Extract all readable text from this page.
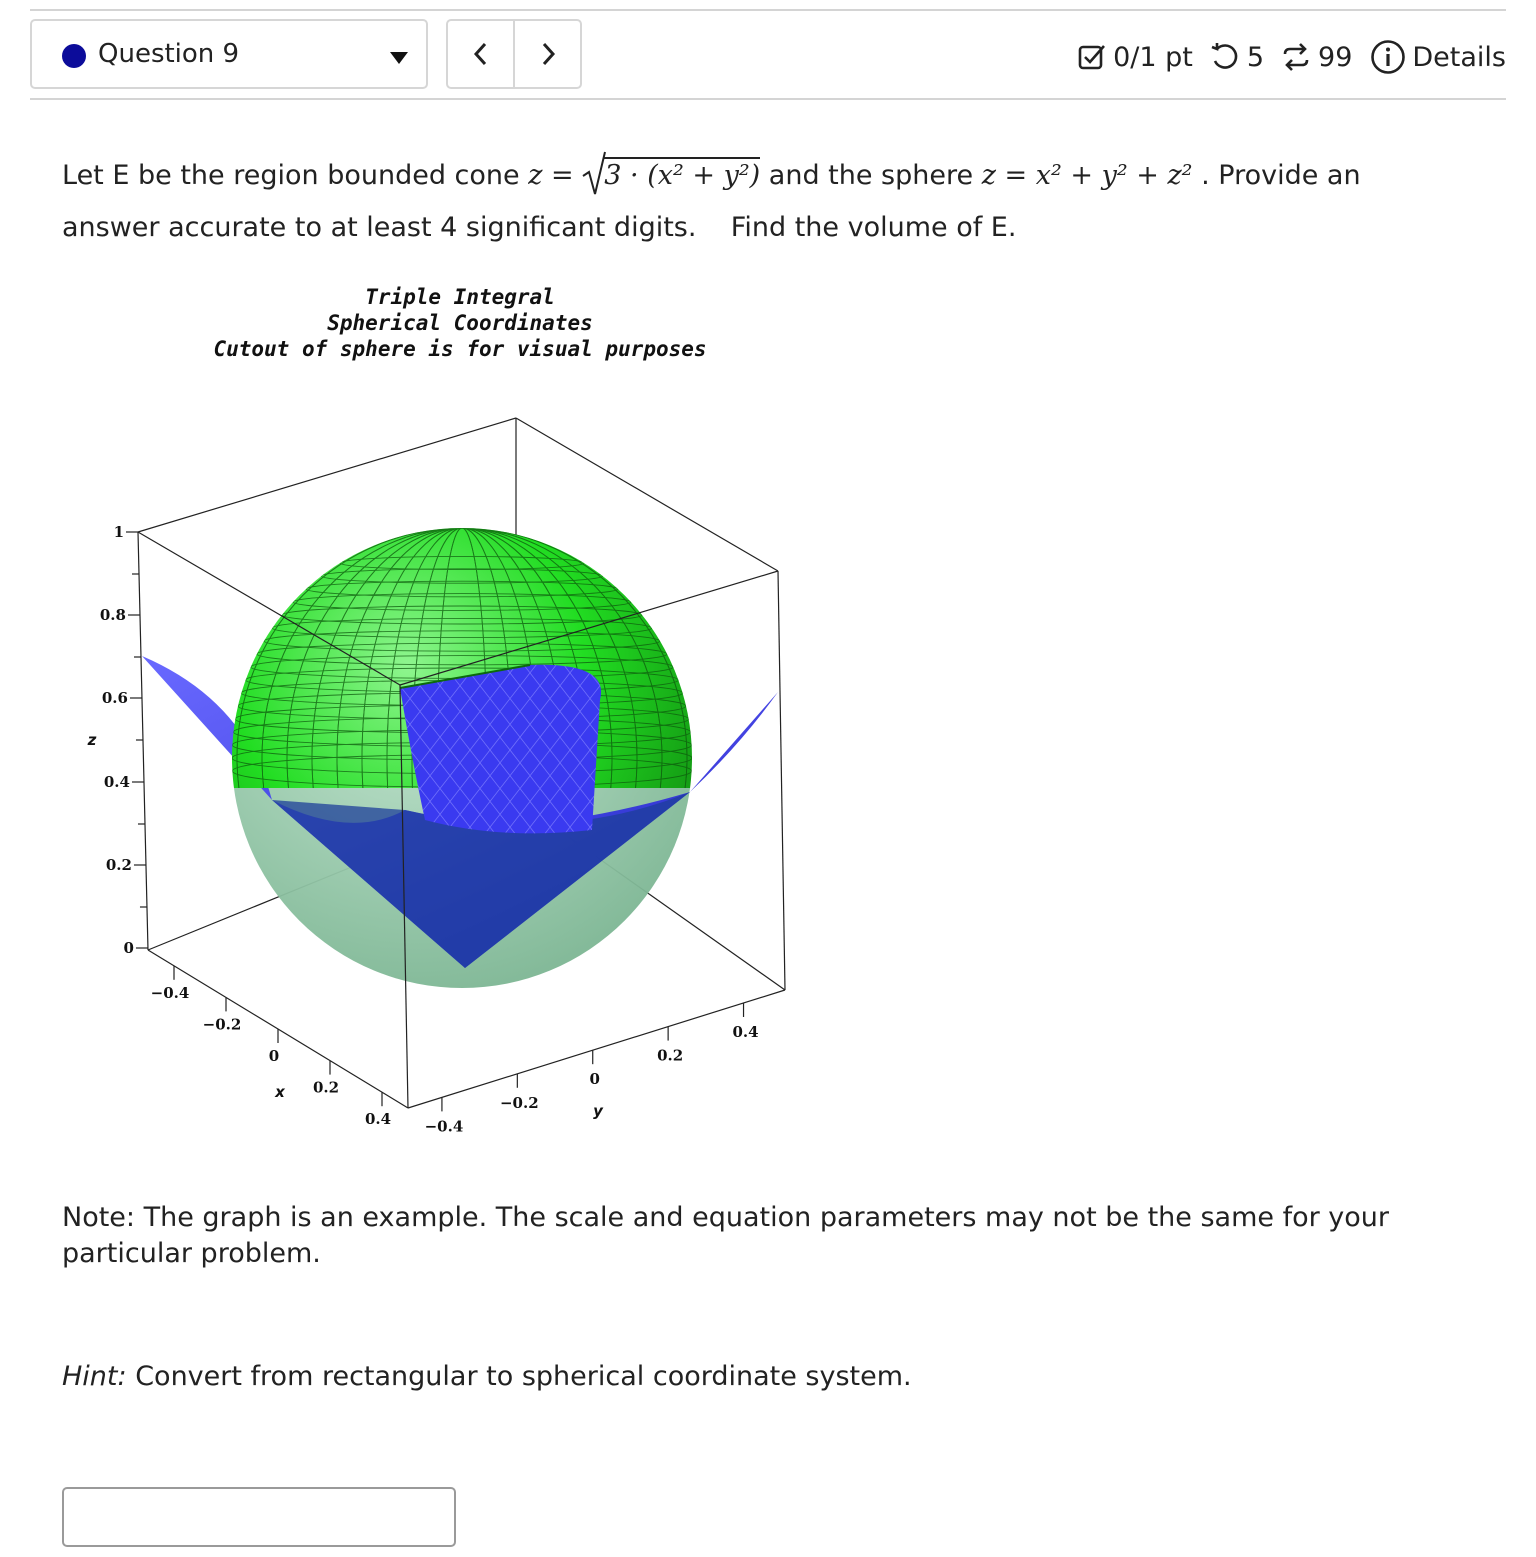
Question 9	0/1 pt 5 99 Details
Let E be the region bounded cone z = 3 · (x² + y²) and the sphere z = x² + y² + z² . Provide an
answer accurate to at least 4 significant digits. Find the volume of E.
Triple Integral
Spherical Coordinates
Cutout of sphere is for visual purposes
1
0.8
0.6
0.4
0.2
0
z
−0.4
−0.2
0
0.2
0.4
x
−0.4
−0.2
0
0.2
0.4
y
Note: The graph is an example. The scale and equation parameters may not be the same for your particular problem.
Hint: Convert from rectangular to spherical coordinate system.
